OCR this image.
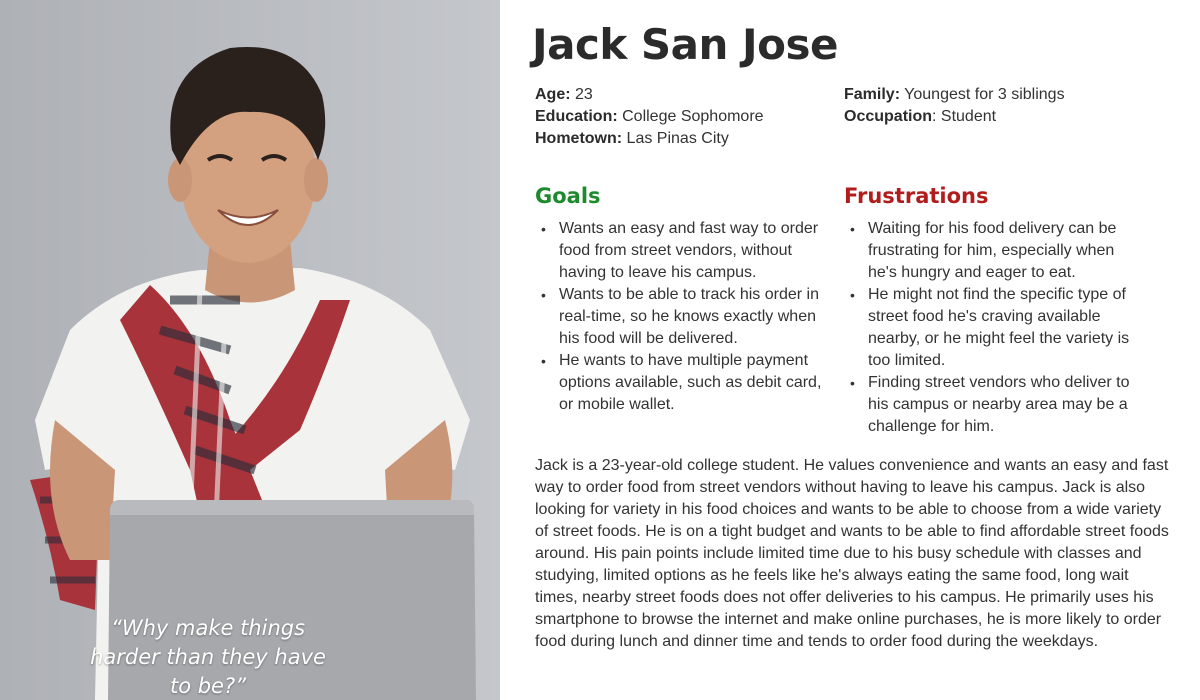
“Why make things harder than they have to be?”
Jack San Jose
Age: 23
Education: College Sophomore
Hometown: Las Pinas City
Family: Youngest for 3 siblings
Occupation: Student
Goals	Frustrations
• Wants an easy and fast way to order food from street vendors, without having to leave his campus.
• Wants to be able to track his order in real-time, so he knows exactly when his food will be delivered.
• He wants to have multiple payment options available, such as debit card, or mobile wallet.
• Waiting for his food delivery can be frustrating for him, especially when he's hungry and eager to eat.
• He might not find the specific type of street food he's craving available nearby, or he might feel the variety is too limited.
• Finding street vendors who deliver to his campus or nearby area may be a challenge for him.

Jack is a 23-year-old college student. He values convenience and wants an easy and fast way to order food from street vendors without having to leave his campus. Jack is also looking for variety in his food choices and wants to be able to choose from a wide variety of street foods. He is on a tight budget and wants to be able to find affordable street foods around. His pain points include limited time due to his busy schedule with classes and studying, limited options as he feels like he's always eating the same food, long wait times, nearby street foods does not offer deliveries to his campus. He primarily uses his smartphone to browse the internet and make online purchases, he is more likely to order food during lunch and dinner time and tends to order food during the weekdays.
